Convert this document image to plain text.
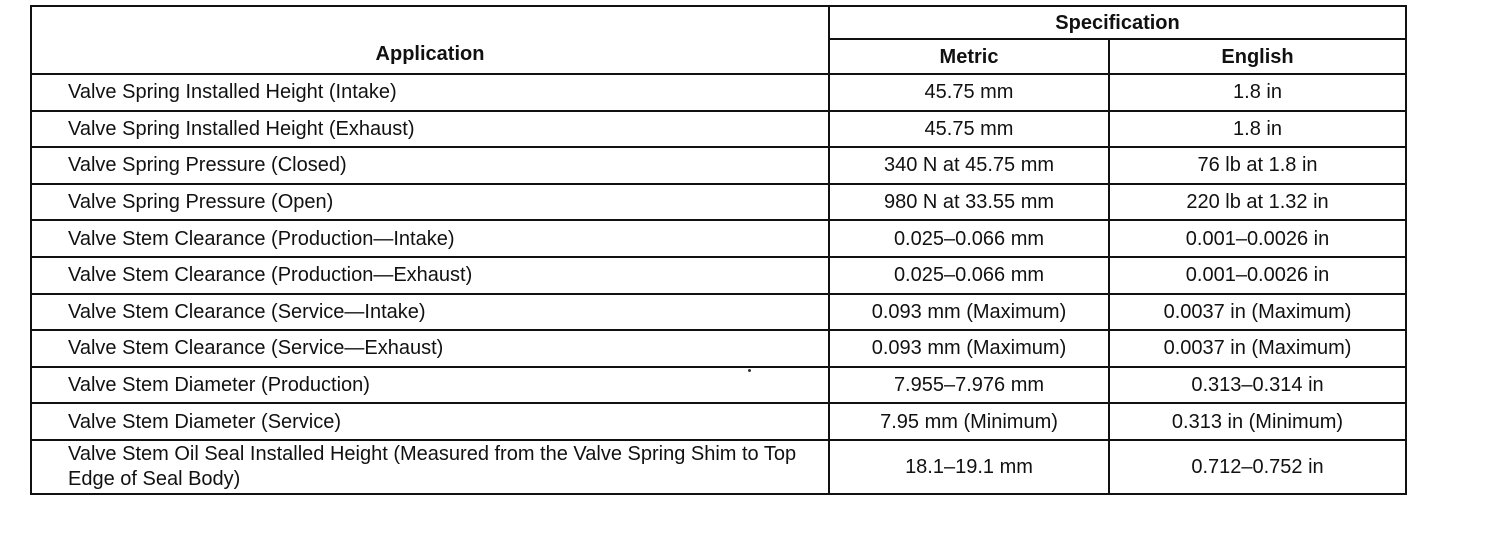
Application	Specification	
	Metric	English
Valve Spring Installed Height (Intake)	45.75 mm	1.8 in
Valve Spring Installed Height (Exhaust)	45.75 mm	1.8 in
Valve Spring Pressure (Closed)	340 N at 45.75 mm	76 lb at 1.8 in
Valve Spring Pressure (Open)	980 N at 33.55 mm	220 lb at 1.32 in
Valve Stem Clearance (Production—Intake)	0.025–0.066 mm	0.001–0.0026 in
Valve Stem Clearance (Production—Exhaust)	0.025–0.066 mm	0.001–0.0026 in
Valve Stem Clearance (Service—Intake)	0.093 mm (Maximum)	0.0037 in (Maximum)
Valve Stem Clearance (Service—Exhaust)	0.093 mm (Maximum)	0.0037 in (Maximum)
Valve Stem Diameter (Production)	7.955–7.976 mm	0.313–0.314 in
Valve Stem Diameter (Service)	7.95 mm (Minimum)	0.313 in (Minimum)
Valve Stem Oil Seal Installed Height (Measured from the Valve Spring Shim to Top Edge of Seal Body)	18.1–19.1 mm	0.712–0.752 in
